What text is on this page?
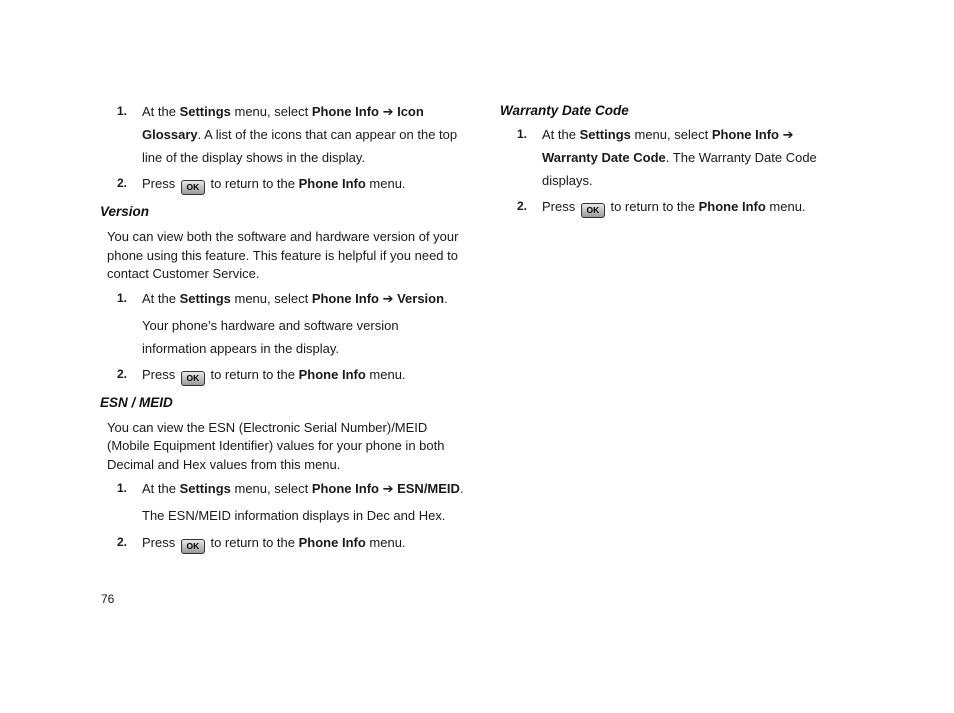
1. At the Settings menu, select Phone Info ➔ Icon Glossary. A list of the icons that can appear on the top line of the display shows in the display.

2. Press OK to return to the Phone Info menu.

Version

You can view both the software and hardware version of your phone using this feature. This feature is helpful if you need to contact Customer Service.

1. At the Settings menu, select Phone Info ➔ Version.

Your phone’s hardware and software version information appears in the display.

2. Press OK to return to the Phone Info menu.

ESN / MEID

You can view the ESN (Electronic Serial Number)/MEID (Mobile Equipment Identifier) values for your phone in both Decimal and Hex values from this menu.

1. At the Settings menu, select Phone Info ➔ ESN/MEID.

The ESN/MEID information displays in Dec and Hex.

2. Press OK to return to the Phone Info menu.

Warranty Date Code

1. At the Settings menu, select Phone Info ➔ Warranty Date Code. The Warranty Date Code displays.

2. Press OK to return to the Phone Info menu.

76
